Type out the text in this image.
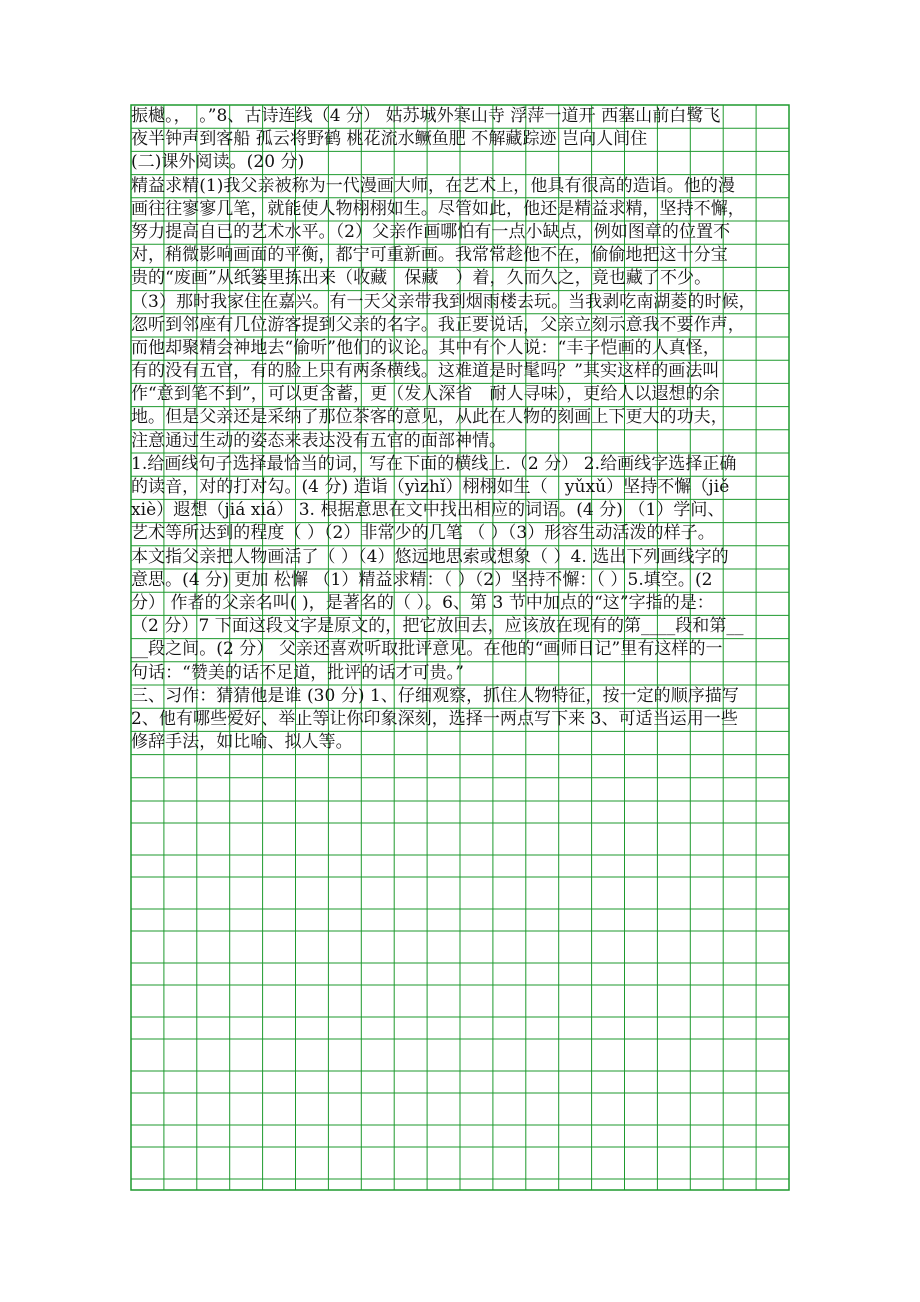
振樾。，　。”8、古诗连线（4 分） 姑苏城外寒山寺 浮萍一道开 西塞山前白鹭飞
夜半钟声到客船 孤云将野鹤 桃花流水鳜鱼肥 不解藏踪迹 岂向人间住
(二)课外阅读。(20 分)
精益求精(1)我父亲被称为一代漫画大师，在艺术上，他具有很高的造诣。他的漫
画往往寥寥几笔，就能使人物栩栩如生。尽管如此，他还是精益求精，坚持不懈，
努力提高自已的艺术水平。（2）父亲作画哪怕有一点小缺点，例如图章的位置不
对，稍微影响画面的平衡，都宁可重新画。我常常趁他不在，偷偷地把这十分宝
贵的“废画”从纸篓里拣出来（收藏　保藏　）着，久而久之，竟也藏了不少。
（3）那时我家住在嘉兴。有一天父亲带我到烟雨楼去玩。当我剥吃南湖菱的时候，
忽听到邻座有几位游客提到父亲的名字。我正要说话，父亲立刻示意我不要作声，
而他却聚精会神地去“偷听”他们的议论。其中有个人说：“丰子恺画的人真怪，
有的没有五官，有的脸上只有两条横线。这难道是时髦吗？”其实这样的画法叫
作“意到笔不到”，可以更含蓄，更（发人深省　耐人寻味），更给人以遐想的余
地。但是父亲还是采纳了那位茶客的意见，从此在人物的刻画上下更大的功夫，
注意通过生动的姿态来表达没有五官的面部神情。
1.给画线句子选择最恰当的词，写在下面的横线上.（2 分） 2.给画线字选择正确
的读音，对的打对勾。(4 分) 造诣（yìzhǐ）栩栩如生（　yǔxǔ）坚持不懈（jiě
xiè）遐想（jiá xiá） 3. 根据意思在文中找出相应的词语。(4 分) （1）学问、
艺术等所达到的程度（ ）（2）非常少的几笔 （ ）（3）形容生动活泼的样子。
本文指父亲把人物画活了（ ）（4）悠远地思索或想象（ ）4. 选出下列画线字的
意思。(4 分) 更加 松懈 （1）精益求精：（ ）（2）坚持不懈：（ ）5.填空。(2
分） 作者的父亲名叫( )，是著名的（ ）。6、第 3 节中加点的“这”字指的是：
（2 分）7 下面这段文字是原文的，把它放回去，应该放在现有的第____段和第__
__段之间。(2 分） 父亲还喜欢听取批评意见。在他的“画师日记”里有这样的一
句话：“赞美的话不足道，批评的话才可贵。”
三、习作：猜猜他是谁 (30 分) 1、仔细观察，抓住人物特征，按一定的顺序描写
2、他有哪些爱好、举止等让你印象深刻，选择一两点写下来 3、可适当运用一些
修辞手法，如比喻、拟人等。
